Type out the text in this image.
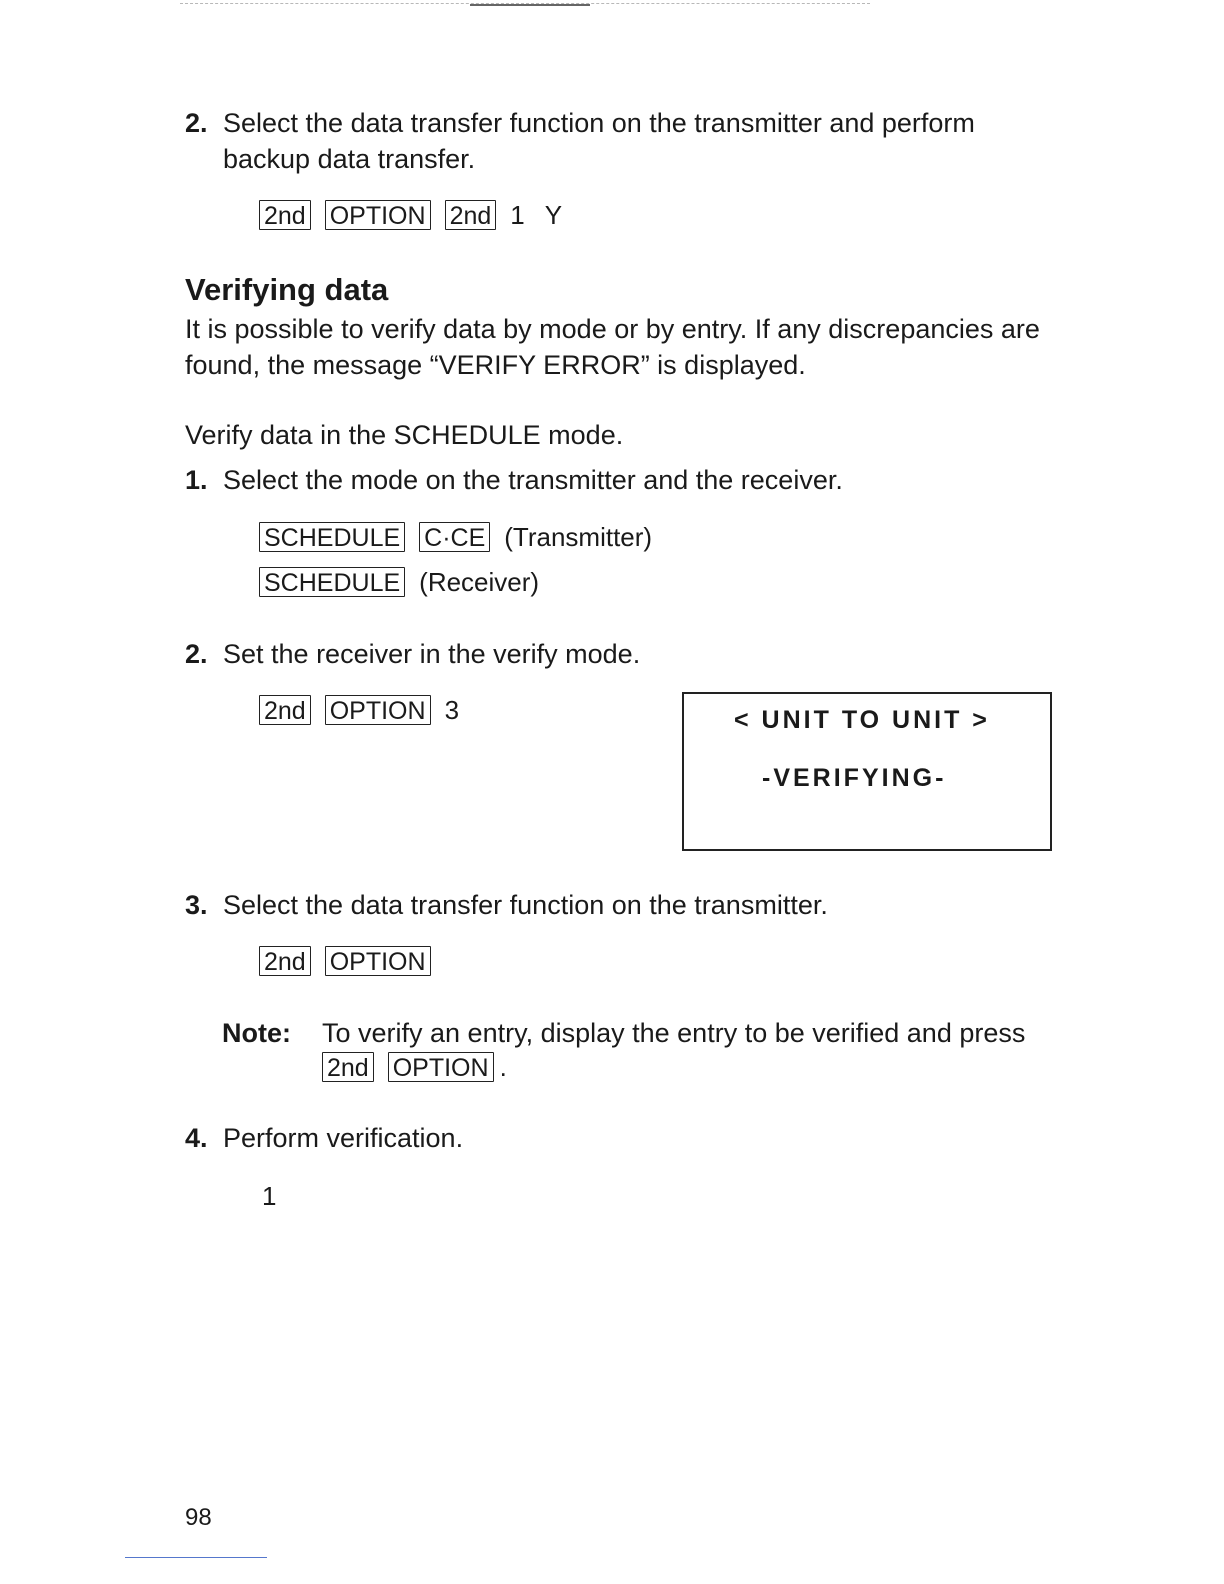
2. Select the data transfer function on the transmitter and perform backup data transfer.
2nd OPTION 2nd 1 Y
Verifying data
It is possible to verify data by mode or by entry. If any discrepancies are found, the message “VERIFY ERROR” is displayed.
Verify data in the SCHEDULE mode.
1. Select the mode on the transmitter and the receiver.
SCHEDULE C·CE (Transmitter)
SCHEDULE (Receiver)
2. Set the receiver in the verify mode.
2nd OPTION 3	< UNIT TO UNIT >
-VERIFYING-
3. Select the data transfer function on the transmitter.
2nd OPTION
Note: To verify an entry, display the entry to be verified and press
2nd OPTION .
4. Perform verification.
1
98
